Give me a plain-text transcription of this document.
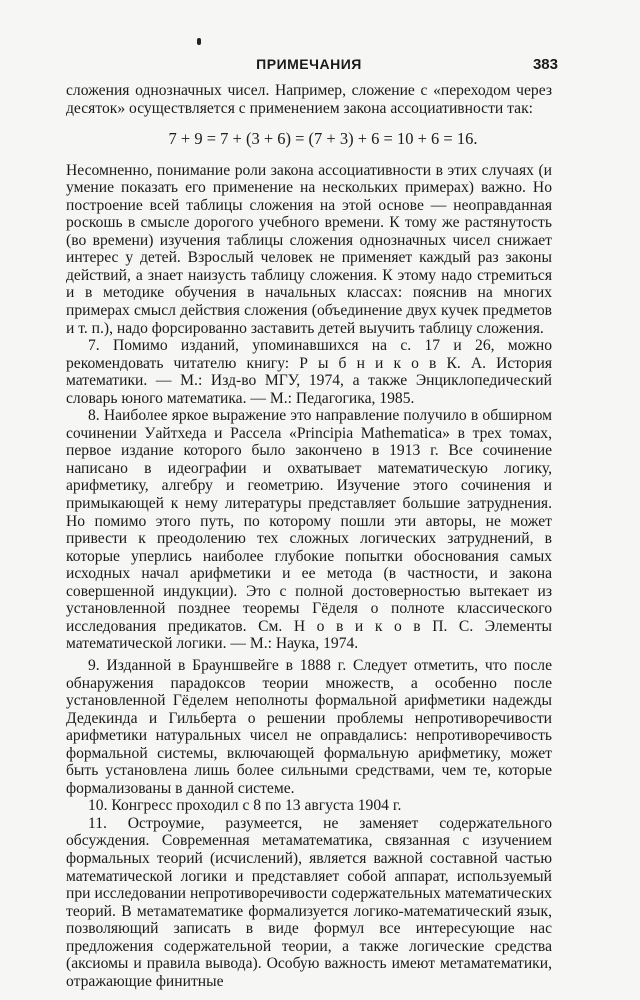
ПРИМЕЧАНИЯ	383

сложения однозначных чисел. Например, сложение с «переходом через десяток» осуществляется с применением закона ассоциативности так:

7 + 9 = 7 + (3 + 6) = (7 + 3) + 6 = 10 + 6 = 16.

Несомненно, понимание роли закона ассоциативности в этих случаях (и умение показать его применение на нескольких примерах) важно. Но построение всей таблицы сложения на этой основе — неоправданная роскошь в смысле дорогого учебного времени. К тому же растянутость (во времени) изучения таблицы сложения однозначных чисел снижает интерес у детей. Взрослый человек не применяет каждый раз законы действий, а знает наизусть таблицу сложения. К этому надо стремиться и в методике обучения в начальных классах: пояснив на многих примерах смысл действия сложения (объединение двух кучек предметов и т. п.), надо форсированно заставить детей выучить таблицу сложения.

7. Помимо изданий, упоминавшихся на с. 17 и 26, можно рекомендовать читателю книгу: Р ы б н и к о в К. А. История математики. — М.: Изд-во МГУ, 1974, а также Энциклопедический словарь юного математика. — М.: Педагогика, 1985.

8. Наиболее яркое выражение это направление получило в обширном сочинении Уайтхеда и Рассела «Principia Mathematica» в трех томах, первое издание которого было закончено в 1913 г. Все сочинение написано в идеографии и охватывает математическую логику, арифметику, алгебру и геометрию. Изучение этого сочинения и примыкающей к нему литературы представляет большие затруднения. Но помимо этого путь, по которому пошли эти авторы, не может привести к преодолению тех сложных логических затруднений, в которые уперлись наиболее глубокие попытки обоснования самых исходных начал арифметики и ее метода (в частности, и закона совершенной индукции). Это с полной достоверностью вытекает из установленной позднее теоремы Гёделя о полноте классического исследования предикатов. См. Н о в и к о в П. С. Элементы математической логики. — М.: Наука, 1974.

9. Изданной в Брауншвейге в 1888 г. Следует отметить, что после обнаружения парадоксов теории множеств, а особенно после установленной Гёделем неполноты формальной арифметики надежды Дедекинда и Гильберта о решении проблемы непротиворечивости арифметики натуральных чисел не оправдались: непротиворечивость формальной системы, включающей формальную арифметику, может быть установлена лишь более сильными средствами, чем те, которые формализованы в данной системе.

10. Конгресс проходил с 8 по 13 августа 1904 г.

11. Остроумие, разумеется, не заменяет содержательного обсуждения. Современная метаматематика, связанная с изучением формальных теорий (исчислений), является важной составной частью математической логики и представляет собой аппарат, используемый при исследовании непротиворечивости содержательных математических теорий. В метаматематике формализуется логико-математический язык, позволяющий записать в виде формул все интересующие нас предложения содержательной теории, а также логические средства (аксиомы и правила вывода). Особую важность имеют метаматематики, отражающие финитные
